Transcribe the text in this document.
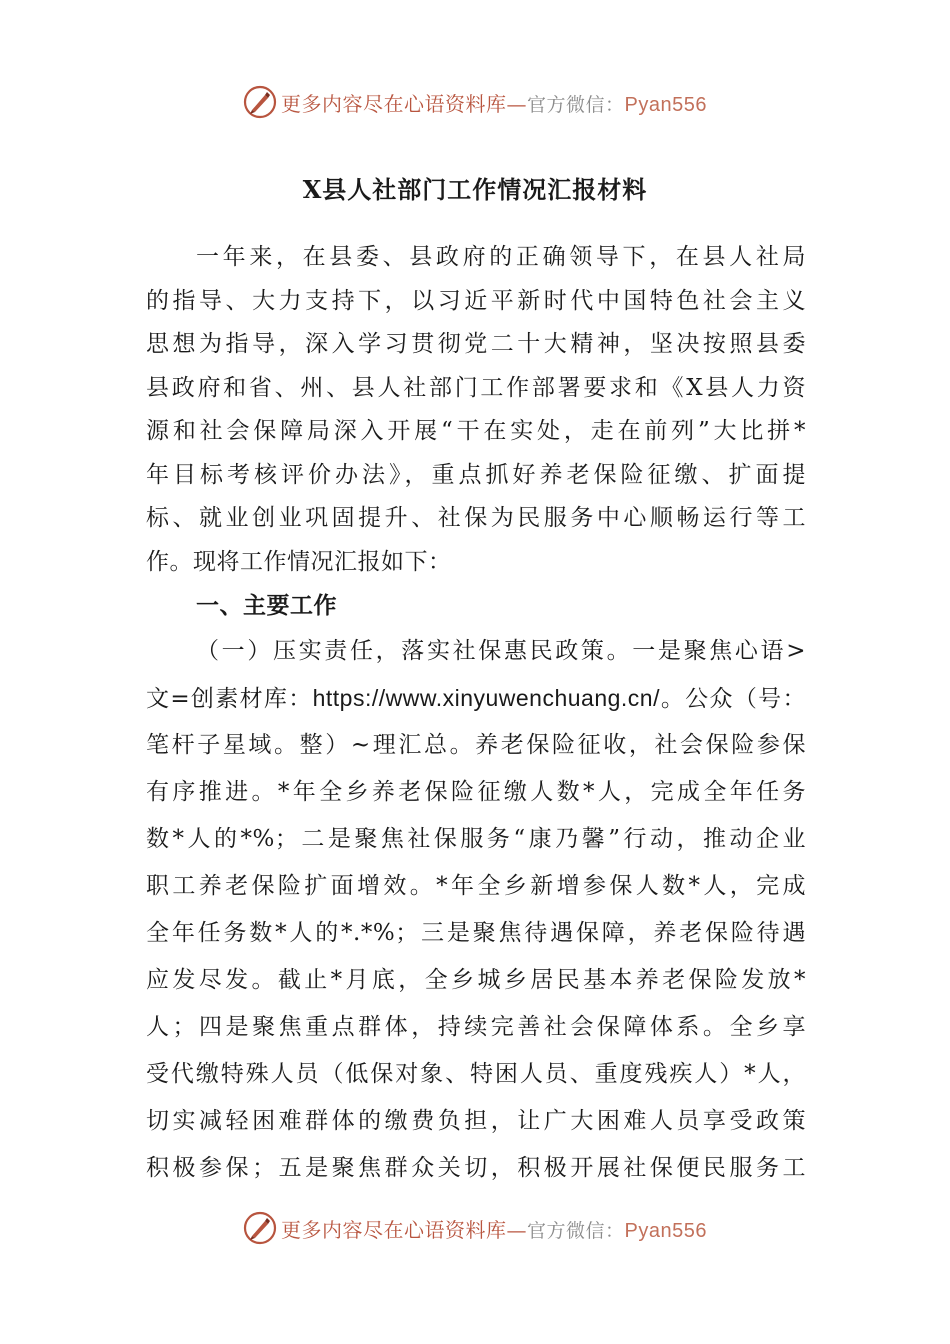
更多内容尽在心语资料库—官方微信：Pyan556
X县人社部门工作情况汇报材料
一年来，在县委、县政府的正确领导下，在县人社局
的指导、大力支持下，以习近平新时代中国特色社会主义
思想为指导，深入学习贯彻党二十大精神，坚决按照县委
县政府和省、州、县人社部门工作部署要求和《X县人力资
源和社会保障局深入开展“干在实处，走在前列”大比拼*
年目标考核评价办法》，重点抓好养老保险征缴、扩面提
标、就业创业巩固提升、社保为民服务中心顺畅运行等工
作。现将工作情况汇报如下：
一、主要工作
（一）压实责任，落实社保惠民政策。一是聚焦心语>
文=创素材库：https://www.xinyuwenchuang.cn/。公众（号：
笔杆子星域。整）~理汇总。养老保险征收，社会保险参保
有序推进。*年全乡养老保险征缴人数*人，完成全年任务
数*人的*%；二是聚焦社保服务“康乃馨”行动，推动企业
职工养老保险扩面增效。*年全乡新增参保人数*人，完成
全年任务数*人的*.*%；三是聚焦待遇保障，养老保险待遇
应发尽发。截止*月底，全乡城乡居民基本养老保险发放*
人；四是聚焦重点群体，持续完善社会保障体系。全乡享
受代缴特殊人员（低保对象、特困人员、重度残疾人）*人，
切实减轻困难群体的缴费负担，让广大困难人员享受政策
积极参保；五是聚焦群众关切，积极开展社保便民服务工
更多内容尽在心语资料库—官方微信：Pyan556
